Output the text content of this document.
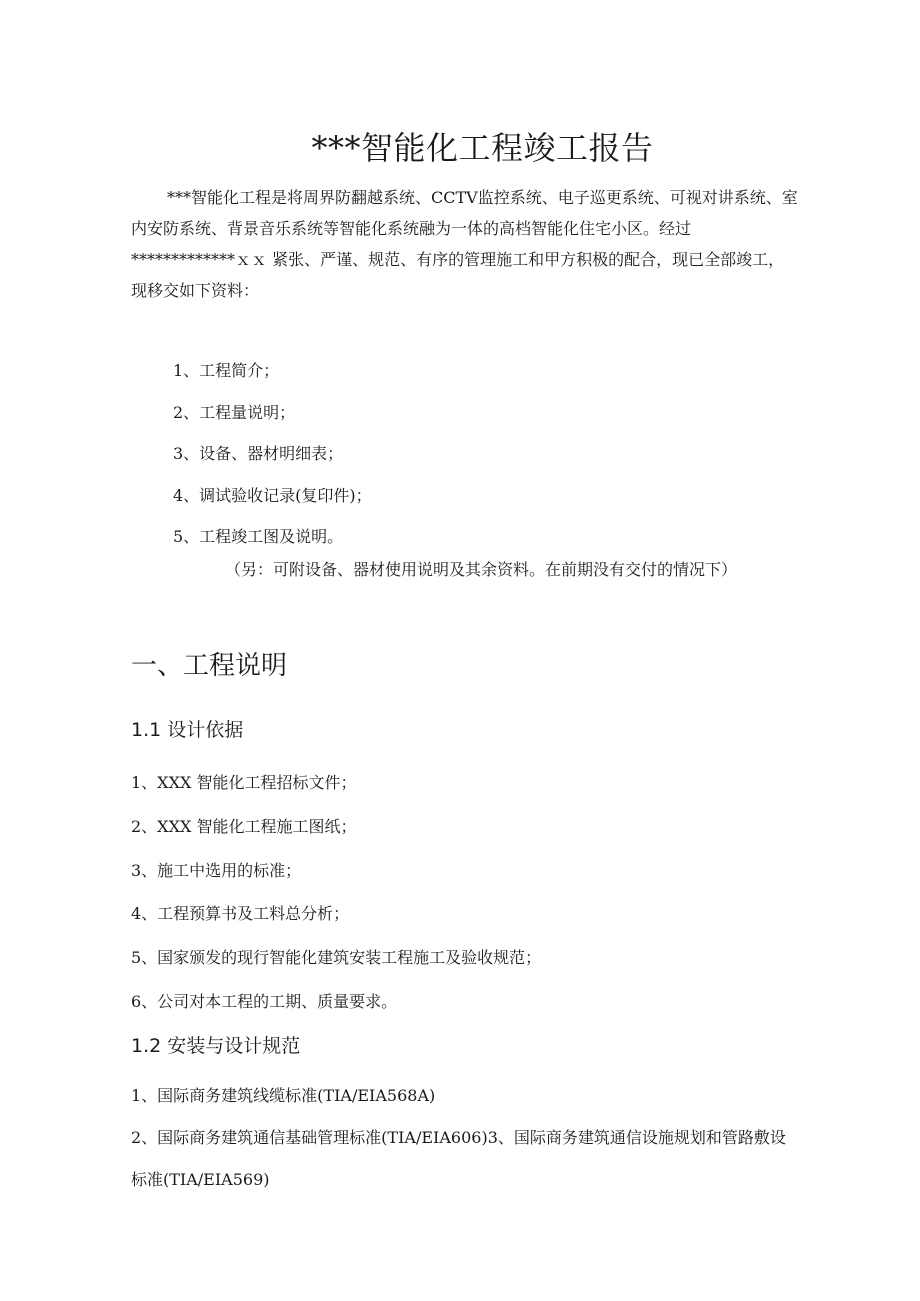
***智能化工程竣工报告
***智能化工程是将周界防翻越系统、CCTV监控系统、电子巡更系统、可视对讲系统、室
内安防系统、背景音乐系统等智能化系统融为一体的高档智能化住宅小区。经过
*************ｘｘ 紧张、严谨、规范、有序的管理施工和甲方积极的配合，现已全部竣工，
现移交如下资料：
1、工程简介；
2、工程量说明；
3、设备、器材明细表；
4、调试验收记录(复印件)；
5、工程竣工图及说明。
（另：可附设备、器材使用说明及其余资料。在前期没有交付的情况下）
一、工程说明
1.1 设计依据
1、XXX 智能化工程招标文件；
2、XXX 智能化工程施工图纸；
3、施工中选用的标准；
4、工程预算书及工料总分析；
5、国家颁发的现行智能化建筑安装工程施工及验收规范；
6、公司对本工程的工期、质量要求。
1.2 安装与设计规范
1、国际商务建筑线缆标准(TIA/EIA568A)
2、国际商务建筑通信基础管理标准(TIA/EIA606)3、国际商务建筑通信设施规划和管路敷设
标准(TIA/EIA569)
